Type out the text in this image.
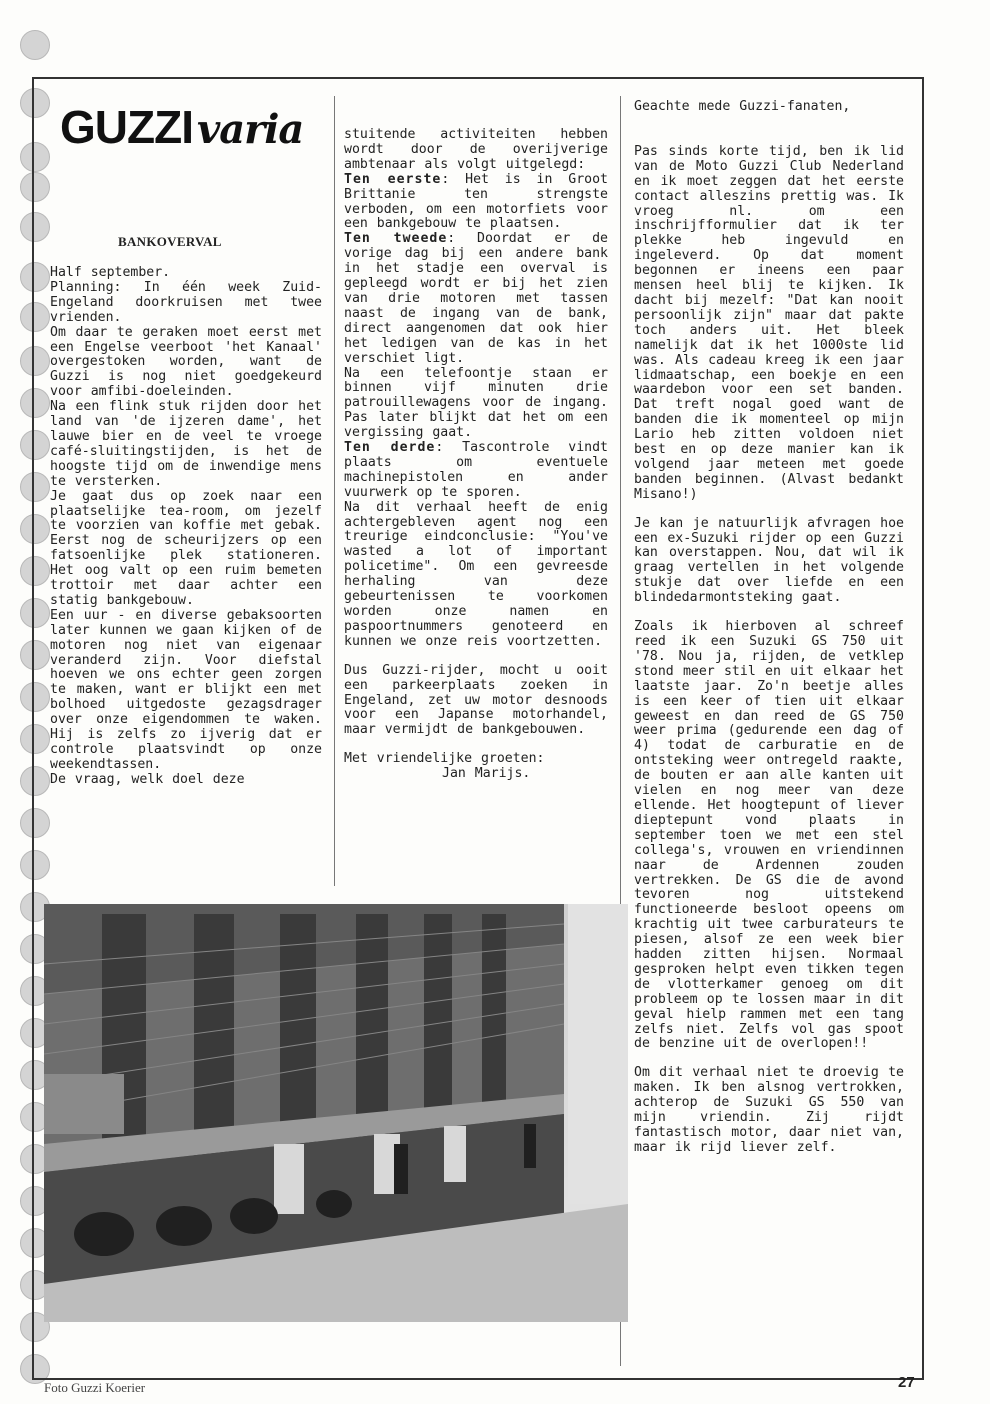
GUZZI varia
BANKOVERVAL

Half september.

Planning: In één week Zuid-Engeland doorkruisen met twee vrienden.

Om daar te geraken moet eerst met een Engelse veerboot 'het Kanaal' overgestoken worden, want de Guzzi is nog niet goedgekeurd voor amfibi-doeleinden.

Na een flink stuk rijden door het land van 'de ijzeren dame', het lauwe bier en de veel te vroege café-sluitingstijden, is het de hoogste tijd om de inwendige mens te versterken.

Je gaat dus op zoek naar een plaatselijke tea-room, om jezelf te voorzien van koffie met gebak. Eerst nog de scheurijzers op een fatsoenlijke plek stationeren. Het oog valt op een ruim bemeten trottoir met daar achter een statig bankgebouw.

Een uur - en diverse gebaksoorten later kunnen we gaan kijken of de motoren nog niet van eigenaar veranderd zijn. Voor diefstal hoeven we ons echter geen zorgen te maken, want er blijkt een met bolhoed uitgedoste gezagsdrager over onze eigendommen te waken. Hij is zelfs zo ijverig dat er controle plaatsvindt op onze weekendtassen.

De vraag, welk doel deze

stuitende activiteiten hebben wordt door de overijverige ambtenaar als volgt uitgelegd:

Ten eerste: Het is in Groot Brittanie ten strengste verboden, om een motorfiets voor een bankgebouw te plaatsen.

Ten tweede: Doordat er de vorige dag bij een andere bank in het stadje een overval is gepleegd wordt er bij het zien van drie motoren met tassen naast de ingang van de bank, direct aangenomen dat ook hier het ledigen van de kas in het verschiet ligt.

Na een telefoontje staan er binnen vijf minuten drie patrouillewagens voor de ingang. Pas later blijkt dat het om een vergissing gaat.

Ten derde: Tascontrole vindt plaats om eventuele machinepistolen en ander vuurwerk op te sporen.

Na dit verhaal heeft de enig achtergebleven agent nog een treurige eindconclusie: "You've wasted a lot of important policetime". Om een gevreesde herhaling van deze gebeurtenissen te voorkomen worden onze namen en paspoortnummers genoteerd en kunnen we onze reis voortzetten.

Dus Guzzi-rijder, mocht u ooit een parkeerplaats zoeken in Engeland, zet uw motor desnoods voor een Japanse motorhandel, maar vermijdt de bankgebouwen.

Met vriendelijke groeten:

Jan Marijs.

Geachte mede Guzzi-fanaten,

Pas sinds korte tijd, ben ik lid van de Moto Guzzi Club Nederland en ik moet zeggen dat het eerste contact alleszins prettig was. Ik vroeg nl. om een inschrijfformulier dat ik ter plekke heb ingevuld en ingeleverd. Op dat moment begonnen er ineens een paar mensen heel blij te kijken. Ik dacht bij mezelf: "Dat kan nooit persoonlijk zijn" maar dat pakte toch anders uit. Het bleek namelijk dat ik het 1000ste lid was. Als cadeau kreeg ik een jaar lidmaatschap, een boekje en een waardebon voor een set banden. Dat treft nogal goed want de banden die ik momenteel op mijn Lario heb zitten voldoen niet best en op deze manier kan ik volgend jaar meteen met goede banden beginnen. (Alvast bedankt Misano!)

Je kan je natuurlijk afvragen hoe een ex-Suzuki rijder op een Guzzi kan overstappen. Nou, dat wil ik graag vertellen in het volgende stukje dat over liefde en een blindedarmontsteking gaat.

Zoals ik hierboven al schreef reed ik een Suzuki GS 750 uit '78. Nou ja, rijden, de vetklep stond meer stil en uit elkaar het laatste jaar. Zo'n beetje alles is een keer of tien uit elkaar geweest en dan reed de GS 750 weer prima (gedurende een dag of 4) todat de carburatie en de ontsteking weer ontregeld raakte, de bouten er aan alle kanten uit vielen en nog meer van deze ellende. Het hoogtepunt of liever dieptepunt vond plaats in september toen we met een stel collega's, vrouwen en vriendinnen naar de Ardennen zouden vertrekken. De GS die de avond tevoren nog uitstekend functioneerde besloot opeens om krachtig uit twee carburateurs te piesen, alsof ze een week bier hadden zitten hijsen. Normaal gesproken helpt even tikken tegen de vlotterkamer genoeg om dit probleem op te lossen maar in dit geval hielp rammen met een tang zelfs niet. Zelfs vol gas spoot de benzine uit de overlopen!!

Om dit verhaal niet te droevig te maken. Ik ben alsnog vertrokken, achterop de Suzuki GS 550 van mijn vriendin. Zij rijdt fantastisch motor, daar niet van, maar ik rijd liever zelf.

Foto Guzzi Koerier	27
